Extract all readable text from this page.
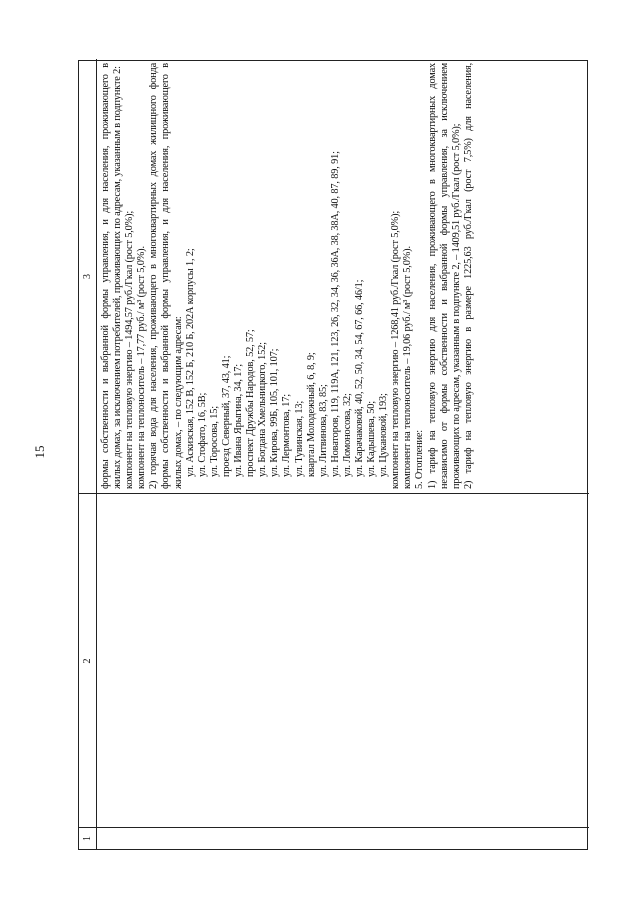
15
1
2
3
формы собственности и выбранной формы управления, и для населения, проживающего в
жилых домах, за исключением потребителей, проживающих по адресам, указанным в подпункте 2: компонент на тепловую энергию – 1494,57 руб./Гкал (рост 5,0%); компонент на теплоноситель – 17,77 руб./ м³ (рост 5,0%). 2) горячая вода для населения, проживающего в многоквартирных домах жилищного фонда
формы собственности и выбранной формы управления, и для населения, проживающего в
жилых домах, – по следующим адресам: ул. Аскизская, 152 В, 152 Б, 210 Б, 202А корпусы 1, 2; ул. Стофато, 16, 5В; ул. Торосова, 15; проезд Северный, 37, 43, 41; ул. Ивана Ярыгина, 34, 17; проспект Дружбы Народов, 52, 57; ул. Богдана Хмельницкого, 152; ул. Кирова, 99Б, 105, 101, 107; ул. Лермонтова, 17; ул. Тувинская, 13; квартал Молодежный, 6, 8, 9; ул. Литвинова, 83, 85; ул. Новаторов, 119, 119А, 121, 123, 26, 32, 34, 36, 36А, 38, 38А, 40, 87, 89, 91; ул. Ломоносова, 32; ул. Карачаковой, 40, 52, 50, 34, 54, 67, 66, 46/1; ул. Кадышева, 50; ул. Цукановой, 193; компонент на тепловую энергию – 1268,41 руб./Гкал (рост 5,0%); компонент на теплоноситель – 19,06 руб./ м³ (рост 5,0%). 5. Отопление: 1) тариф на тепловую энергию для населения, проживающего в многоквартирных домах
независимо от формы собственности и выбранной формы управления, за исключением
проживающих по адресам, указанным в подпункте 2, – 1409,51 руб./Гкал (рост 5,0%); 2) тариф на тепловую энергию в размере 1225,63 руб./Гкал (рост 7,5%) для населения,
